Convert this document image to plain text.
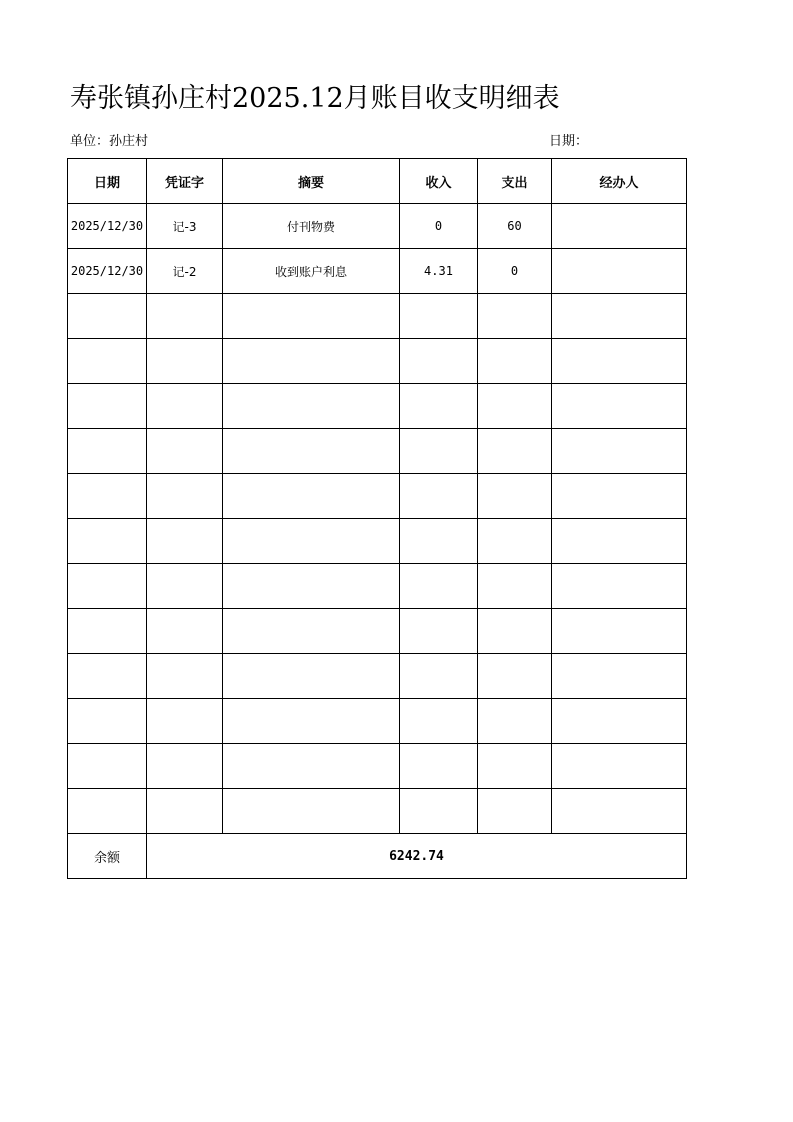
寿张镇孙庄村2025.12月账目收支明细表
单位：孙庄村	日期：
日期	凭证字	摘要	收入	支出	经办人
2025/12/30	记-3	付刊物费	0	60	
2025/12/30	记-2	收到账户利息	4.31	0	

余额	6242.74				
